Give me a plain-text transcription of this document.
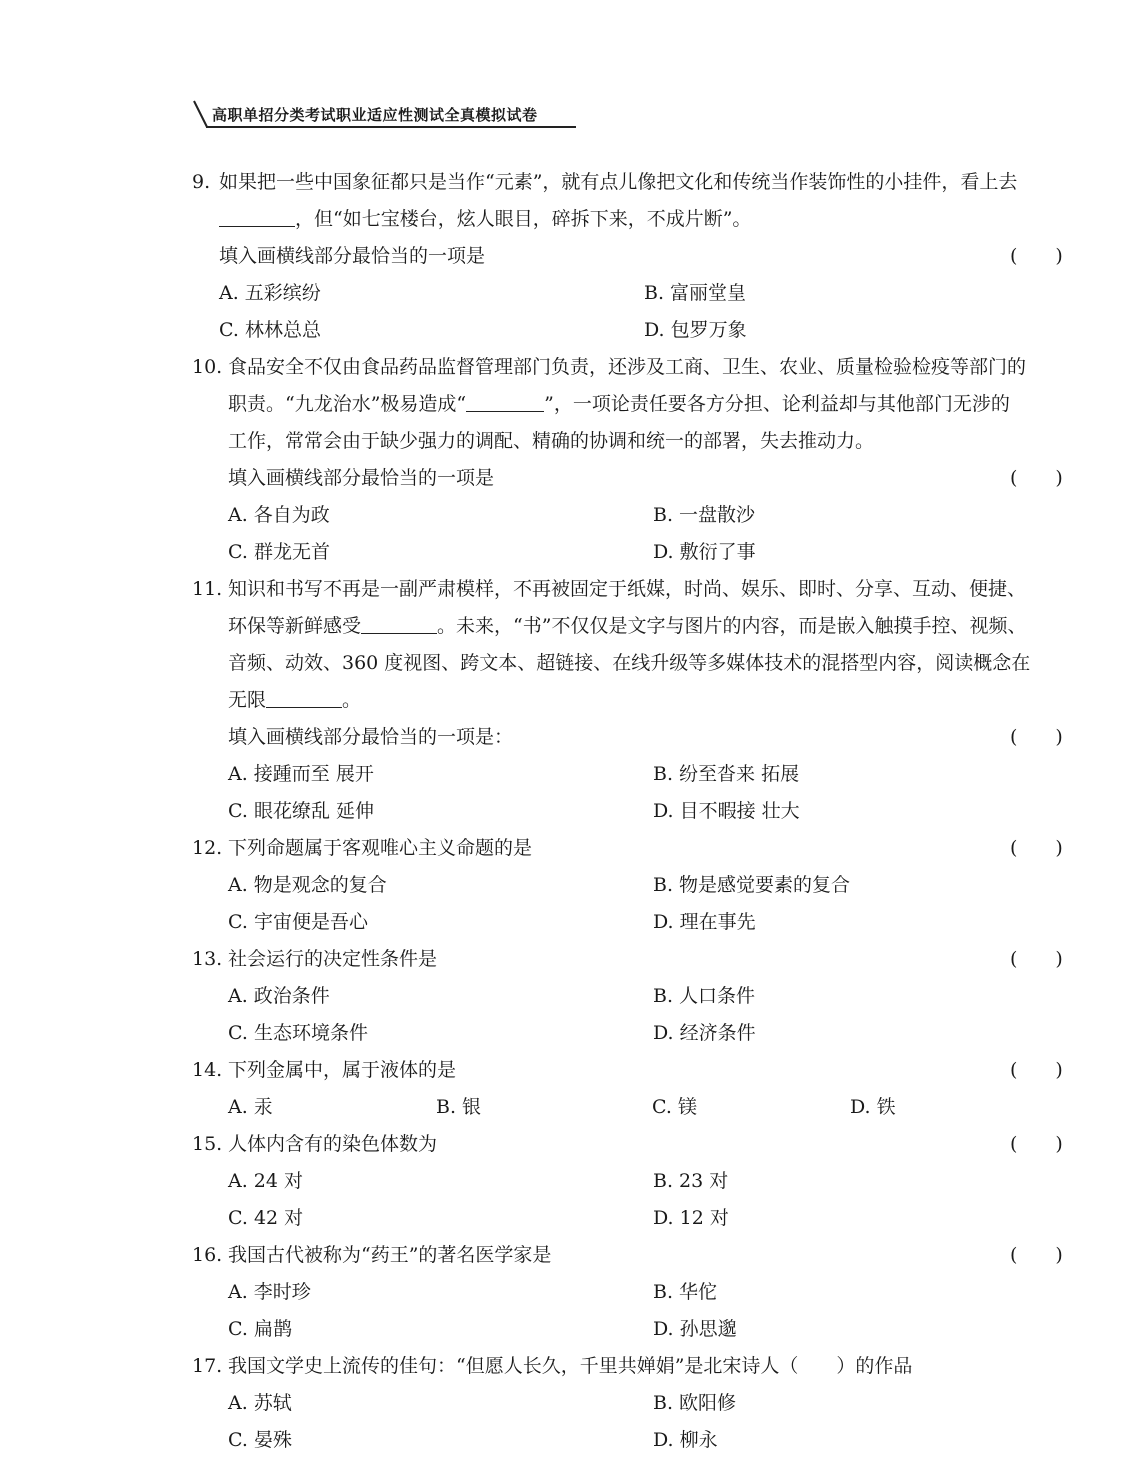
高职单招分类考试职业适应性测试全真模拟试卷
9. 如果把一些中国象征都只是当作“元素”，就有点儿像把文化和传统当作装饰性的小挂件，看上去
，但“如七宝楼台，炫人眼目，碎拆下来，不成片断”。
填入画横线部分最恰当的一项是	(　　)
A. 五彩缤纷	B. 富丽堂皇
C. 林林总总	D. 包罗万象
10. 食品安全不仅由食品药品监督管理部门负责，还涉及工商、卫生、农业、质量检验检疫等部门的
职责。“九龙治水”极易造成“	”，一项论责任要各方分担、论利益却与其他部门无涉的
工作，常常会由于缺少强力的调配、精确的协调和统一的部署，失去推动力。
填入画横线部分最恰当的一项是	(　　)
A. 各自为政	B. 一盘散沙
C. 群龙无首	D. 敷衍了事
11. 知识和书写不再是一副严肃模样，不再被固定于纸媒，时尚、娱乐、即时、分享、互动、便捷、
环保等新鲜感受	。未来，“书”不仅仅是文字与图片的内容，而是嵌入触摸手控、视频、
音频、动效、360 度视图、跨文本、超链接、在线升级等多媒体技术的混搭型内容，阅读概念在
无限	。
填入画横线部分最恰当的一项是：	(　　)
A. 接踵而至 展开	B. 纷至沓来 拓展
C. 眼花缭乱 延伸	D. 目不暇接 壮大
12. 下列命题属于客观唯心主义命题的是	(　　)
A. 物是观念的复合	B. 物是感觉要素的复合
C. 宇宙便是吾心	D. 理在事先
13. 社会运行的决定性条件是	(　　)
A. 政治条件	B. 人口条件
C. 生态环境条件	D. 经济条件
14. 下列金属中，属于液体的是	(　　)
A. 汞	B. 银	C. 镁	D. 铁
15. 人体内含有的染色体数为	(　　)
A. 24 对	B. 23 对
C. 42 对	D. 12 对
16. 我国古代被称为“药王”的著名医学家是	(　　)
A. 李时珍	B. 华佗
C. 扁鹊	D. 孙思邈
17. 我国文学史上流传的佳句：“但愿人长久，千里共婵娟”是北宋诗人（　　）的作品
A. 苏轼	B. 欧阳修
C. 晏殊	D. 柳永
